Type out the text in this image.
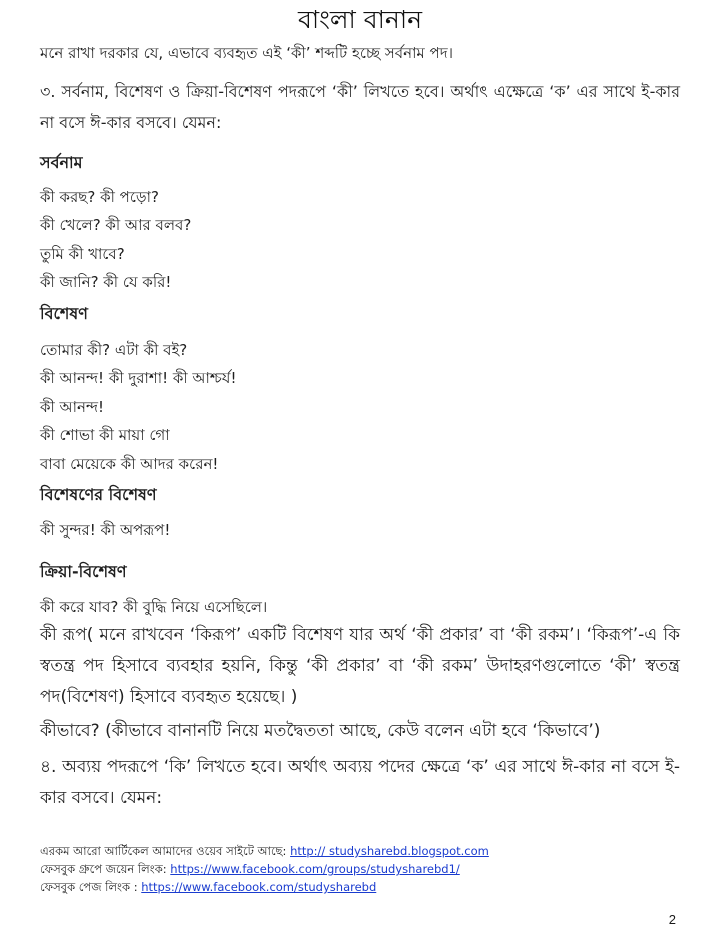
বাংলা বানান
মনে রাখা দরকার যে, এভাবে ব্যবহৃত এই ‘কী’ শব্দটি হচ্ছে সর্বনাম পদ।
৩. সর্বনাম, বিশেষণ ও ক্রিয়া-বিশেষণ পদরূপে ‘কী’ লিখতে হবে। অর্থাৎ এক্ষেত্রে ‘ক’ এর সাথে ই-কার না বসে ঈ-কার বসবে। যেমন:
সর্বনাম
কী করছ? কী পড়ো?
কী খেলে? কী আর বলব?
তুমি কী খাবে?
কী জানি? কী যে করি!
বিশেষণ
তোমার কী? এটা কী বই?
কী আনন্দ! কী দুরাশা! কী আশ্চর্য!
কী আনন্দ!
কী শোভা কী মায়া গো
বাবা মেয়েকে কী আদর করেন!
বিশেষণের বিশেষণ
কী সুন্দর! কী অপরূপ!
ক্রিয়া-বিশেষণ
কী করে যাব? কী বুদ্ধি নিয়ে এসেছিলে।
কী রূপ( মনে রাখবেন ‘কিরূপ’ একটি বিশেষণ যার অর্থ ‘কী প্রকার’ বা ‘কী রকম’। ‘কিরূপ’-এ কি স্বতন্ত্র পদ হিসাবে ব্যবহার হয়নি, কিন্তু ‘কী প্রকার’ বা ‘কী রকম’ উদাহরণগুলোতে ‘কী’ স্বতন্ত্র পদ(বিশেষণ) হিসাবে ব্যবহৃত হয়েছে। )
কীভাবে? (কীভাবে বানানটি নিয়ে মতদ্বৈততা আছে, কেউ বলেন এটা হবে ‘কিভাবে’)
৪. অব্যয় পদরূপে ‘কি’ লিখতে হবে। অর্থাৎ অব্যয় পদের ক্ষেত্রে ‘ক’ এর সাথে ঈ-কার না বসে ই-কার বসবে। যেমন:
এরকম আরো আর্টিকেল আমাদের ওয়েব সাইটে আছে: http:// studysharebd.blogspot.com
ফেসবুক গ্রুপে জয়েন লিংক: https://www.facebook.com/groups/studysharebd1/
ফেসবুক পেজ লিংক : https://www.facebook.com/studysharebd
2
